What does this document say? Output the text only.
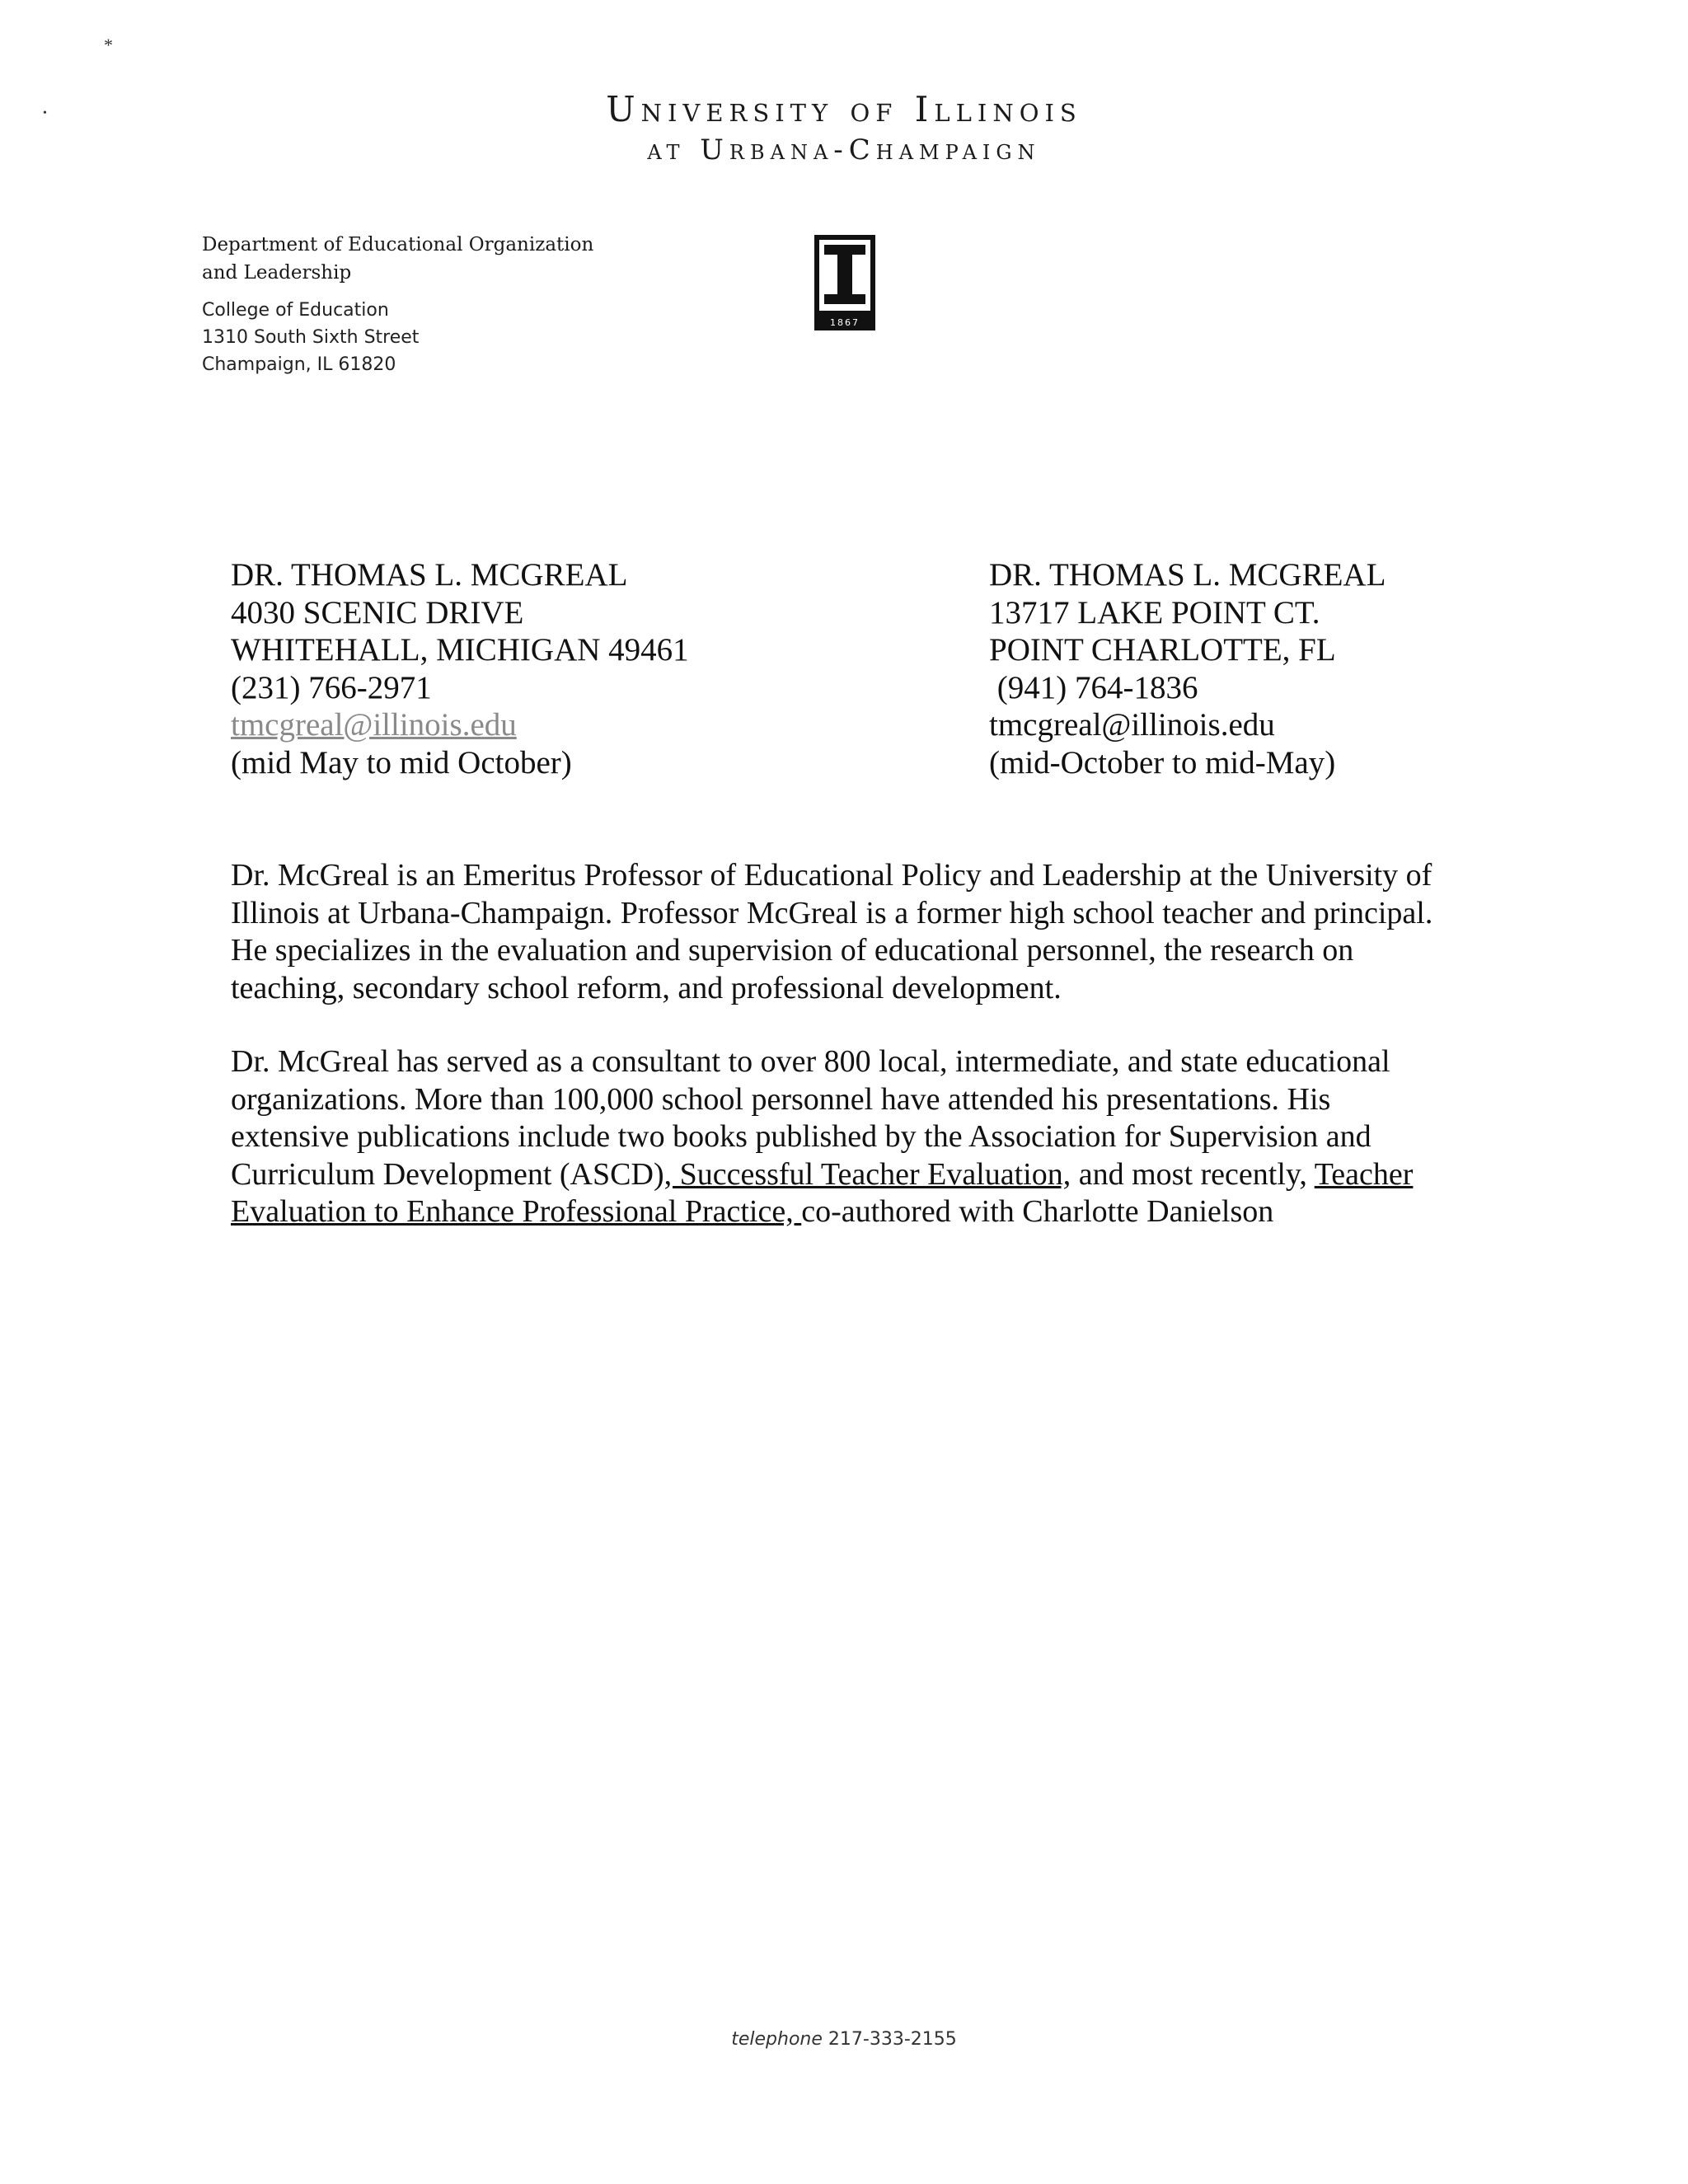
*
•	University of Illinois
at Urbana-Champaign
Department of Educational Organization
and Leadership
College of Education
1310 South Sixth Street
Champaign, IL 61820
1867
DR. THOMAS L. MCGREAL
4030 SCENIC DRIVE
WHITEHALL, MICHIGAN 49461
(231) 766-2971
tmcgreal@illinois.edu
(mid May to mid October)
DR. THOMAS L. MCGREAL
13717 LAKE POINT CT.
POINT CHARLOTTE, FL
(941) 764-1836
tmcgreal@illinois.edu
(mid-October to mid-May)

Dr. McGreal is an Emeritus Professor of Educational Policy and Leadership at the University of Illinois at Urbana-Champaign. Professor McGreal is a former high school teacher and principal. He specializes in the evaluation and supervision of educational personnel, the research on teaching, secondary school reform, and professional development.

Dr. McGreal has served as a consultant to over 800 local, intermediate, and state educational organizations. More than 100,000 school personnel have attended his presentations. His extensive publications include two books published by the Association for Supervision and Curriculum Development (ASCD), Successful Teacher Evaluation, and most recently, Teacher Evaluation to Enhance Professional Practice, co-authored with Charlotte Danielson

telephone 217-333-2155
